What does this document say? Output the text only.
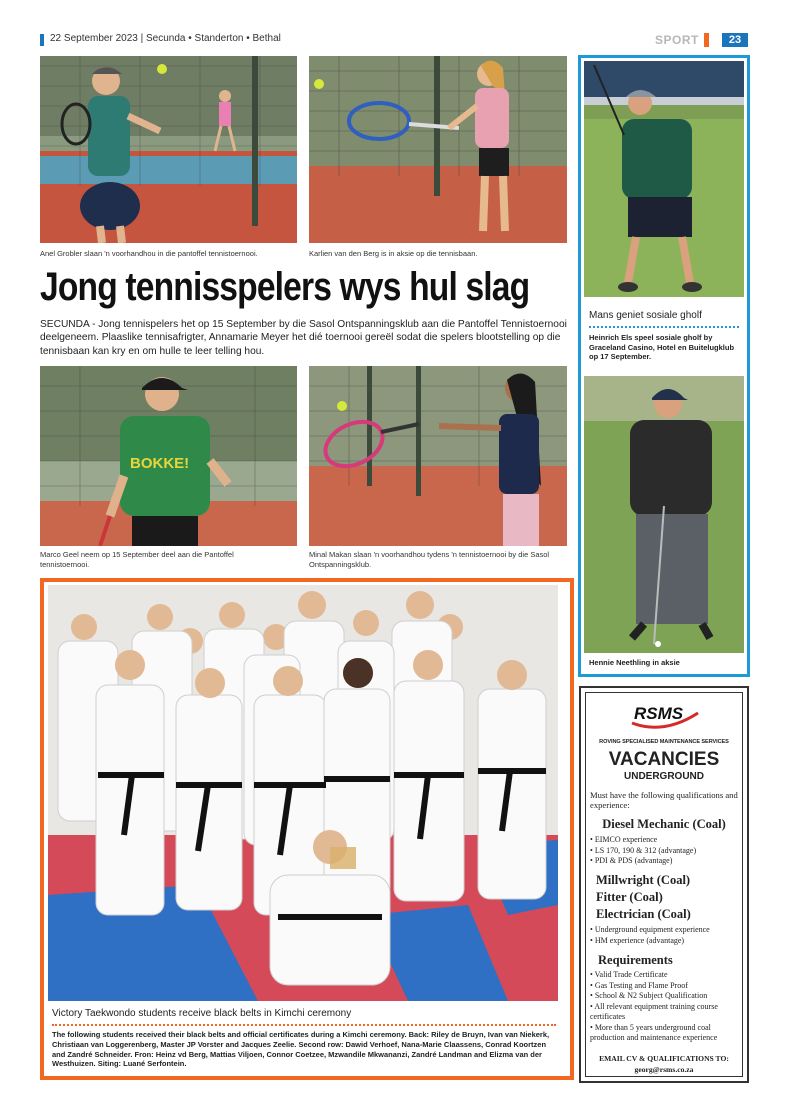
22 September 2023 | Secunda • Standerton • Bethal	SPORT	23
Anel Grobler slaan 'n voorhandhou in die pantoffel tennistoernooi.	Karlien van den Berg is in aksie op die tennisbaan.
Jong tennisspelers wys hul slag
SECUNDA - Jong tennispelers het op 15 September by die Sasol Ontspanningsklub aan die Pantoffel Tennistoernooi deelgeneem. Plaaslike tennisafrigter, Annamarie Meyer het dié toernooi gereël sodat die spelers blootstelling op die tennisbaan kan kry en om hulle te leer telling hou.
BOKKE!
Marco Geel neem op 15 September deel aan die Pantoffel tennistoernooi.
Minal Makan slaan 'n voorhandhou tydens 'n tennistoernooi by die Sasol Ontspanningsklub.
Mans geniet sosiale gholf
Heinrich Els speel sosiale gholf by Graceland Casino, Hotel en Buitelugklub op 17 September.
Hennie Neethling in aksie
Victory Taekwondo students receive black belts in Kimchi ceremony
The following students received their black belts and official certificates during a Kimchi ceremony. Back: Riley de Bruyn, Ivan van Niekerk, Christiaan van Loggerenberg, Master JP Vorster and Jacques Zeelie. Second row: Dawid Verhoef, Nana-Marie Claassens, Conrad Koortzen and Zandré Schneider. Fron: Heinz vd Berg, Mattias Viljoen, Connor Coetzee, Mzwandile Mkwananzi, Zandré Landman and Elizma van der Westhuizen. Siting: Luané Serfontein.
RSMS
ROVING SPECIALISED MAINTENANCE SERVICES
VACANCIES
UNDERGROUND
Must have the following qualifications and experience:
Diesel Mechanic (Coal)
• EIMCO experience
• LS 170, 190 & 312 (advantage)
• PDI & PDS (advantage)
Millwright (Coal)
Fitter (Coal)
Electrician (Coal)
• Underground equipment experience
• HM experience (advantage)
Requirements
• Valid Trade Certificate
• Gas Testing and Flame Proof
• School & N2 Subject Qualification
• All relevant equipment training course certificates
• More than 5 years underground coal production and maintenance experience
EMAIL CV & QUALIFICATIONS TO:
georg@rsms.co.za
